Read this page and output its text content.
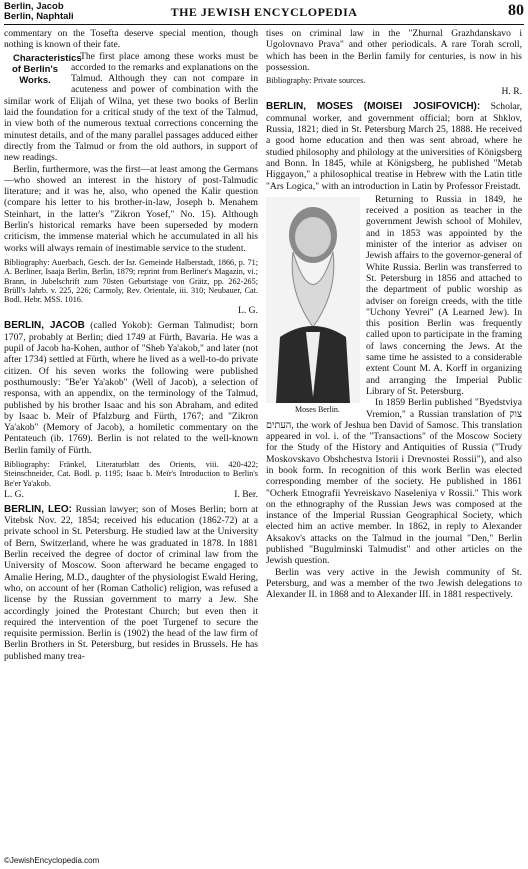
Berlin, Jacob
Berlin, Naphtali	THE JEWISH ENCYCLOPEDIA	80

commentary on the Tosefta deserve special mention, though nothing is known of their fate.

Characteristics of Berlin's Works.
The first place among these works must be accorded to the remarks and explanations on the Talmud. Although they can not compare in acuteness and power of combination with the similar work of Elijah of Wilna, yet these two books of Berlin laid the foundation for a critical study of the text of the Talmud, in view both of the numerous textual corrections concerning the minutest details, and of the many parallel passages adduced either directly from the Talmud or from the old authors, in support of new readings.

Berlin, furthermore, was the first—at least among the Germans—who showed an interest in the history of post-Talmudic literature; and it was he, also, who opened the Kalir question (compare his letter to his brother-in-law, Joseph b. Menahem Steinhart, in the latter's "Zikron Yosef," No. 15). Although Berlin's historical remarks have been superseded by modern criticism, the immense material which he accumulated in all his works will always remain of inestimable service to the student.

Bibliography: Auerbach, Gesch. der Isr. Gemeinde Halberstadt, 1866, p. 71; A. Berliner, Isaaja Berlin, Berlin, 1879; reprint from Berliner's Magazin, vi.; Brann, in Jubelschrift zum 70sten Geburtstage von Grätz, pp. 262-265; Brüll's Jahrb. v. 225, 226; Carmoly, Rev. Orientale, iii. 310; Neubauer, Cat. Bodl. Hebr. MSS. 1016.

L. G.

BERLIN, JACOB (called Yokob): German Talmudist; born 1707, probably at Berlin; died 1749 at Fürth, Bavaria. He was a pupil of Jacob ha-Kohen, author of "Sheb Ya'akob," and later (not after 1734) settled at Fürth, where he lived as a well-to-do private citizen. Of his seven works the following were published posthumously: "Be'er Ya'akob" (Well of Jacob), a selection of responsa, with an appendix, on the terminology of the Talmud, published by his brother Isaac and his son Abraham, and edited by Isaac b. Meïr of Pfalzburg and Fürth, 1767; and "Zikron Ya'akob" (Memory of Jacob), a homiletic commentary on the Pentateuch (ib. 1769). Berlin is not related to the well-known Berlin family of Fürth.

Bibliography: Fränkel, Literaturblatt des Orients, viii. 420-422; Steinschneider, Cat. Bodl. p. 1195; Isaac b. Meïr's Introduction to Berlin's Be'er Ya'akob.

L. G.	I. Ber.

BERLIN, LEO: Russian lawyer; son of Moses Berlin; born at Vitebsk Nov. 22, 1854; received his education (1862-72) at a private school in St. Petersburg. He studied law at the University of Bern, Switzerland, where he was graduated in 1878. In 1881 Berlin received the degree of doctor of criminal law from the University of Moscow. Soon afterward he became engaged to Amalie Hering, M.D., daughter of the physiologist Ewald Hering, who, on account of her (Roman Catholic) religion, was refused a license by the Russian government to marry a Jew. She accordingly joined the Protestant Church; but even then it required the intervention of the poet Turgenef to secure the requisite permission. Berlin is (1902) the head of the law firm of Berlin Brothers in St. Petersburg, but resides in Brussels. He has published many trea-

tises on criminal law in the "Zhurnal Grazhdanskavo i Ugolovnavo Prava" and other periodicals. A rare Torah scroll, which has been in the Berlin family for centuries, is now in his possession.

Bibliography: Private sources.

H. R.

BERLIN, MOSES (MOISEI JOSIFOVICH): Scholar, communal worker, and government official; born at Shklov, Russia, 1821; died in St. Petersburg March 25, 1888. He received a good home education and then was sent abroad, where he studied philosophy and philology at the universities of Königsberg and Bonn. In 1845, while at Königsberg, he published "Metab Higgayon," a philosophical treatise in Hebrew with the Latin title "Ars Logica," with an introduction in Latin by Professor Freistadt.

Moses Berlin.
Returning to Russia in 1849, he received a position as teacher in the government Jewish school of Mohilev, and in 1853 was appointed by the minister of the interior as adviser on Jewish affairs to the governor-general of White Russia. Berlin was transferred to St. Petersburg in 1856 and attached to the department of public worship as adviser on foreign creeds, with the title "Uchony Yevrei" (A Learned Jew). In this position Berlin was frequently called upon to participate in the framing of laws concerning the Jews. At the same time he assisted to a considerable extent Count M. A. Korff in organizing and arranging the Imperial Public Library of St. Petersburg.

In 1859 Berlin published "Byedstviya Vremion," a Russian translation of צוק העתים, the work of Jeshua ben David of Samosc. This translation appeared in vol. i. of the "Transactions" of the Moscow Society for the Study of the History and Antiquities of Russia ("Trudy Moskovskavo Obshchestva Istorii i Drevnostei Rossii"), and also in book form. In recognition of this work Berlin was elected corresponding member of the society. He published in 1861 "Ocherk Etnografii Yevreiskavo Naseleniya v Rossii." This work on the ethnography of the Russian Jews was composed at the instance of the Imperial Russian Geographical Society, which elected him an active member. In 1862, in reply to Alexander Aksakov's attacks on the Talmud in the journal "Den," Berlin published "Bugulminski Talmudist" and other articles on the Jewish question.

Berlin was very active in the Jewish community of St. Petersburg, and was a member of the two Jewish delegations to Alexander II. in 1868 and to Alexander III. in 1881 respectively.

©JewishEncyclopedia.com
